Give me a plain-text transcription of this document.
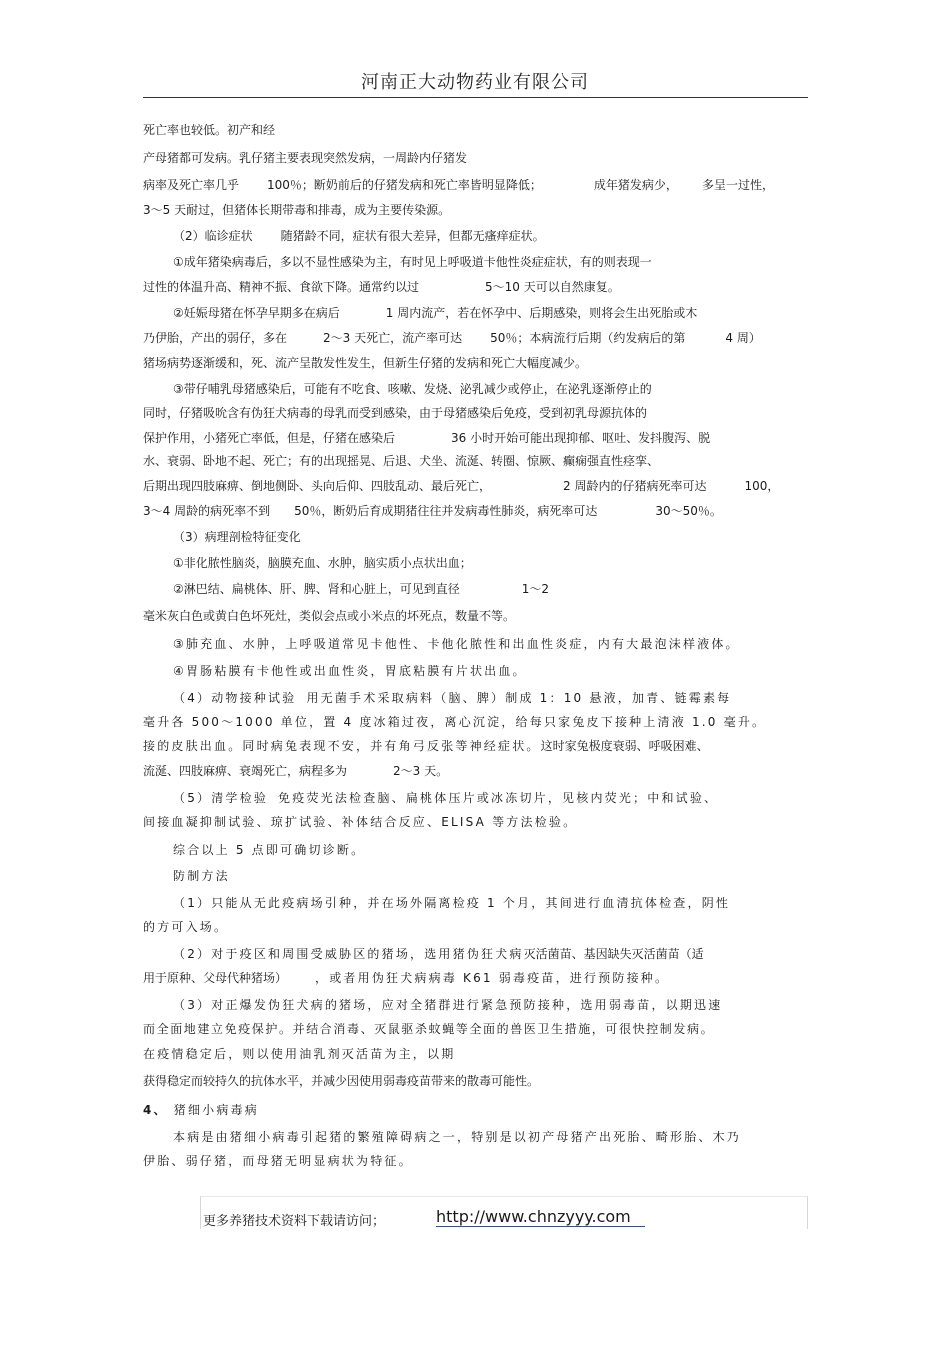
河南正大动物药业有限公司
死亡率也较低。初产和经
产母猪都可发病。乳仔猪主要表现突然发病，一周龄内仔猪发
病率及死亡率几乎 100％；断奶前后的仔猪发病和死亡率皆明显降低；	成年猪发病少， 多呈一过性，
3～5 天耐过，但猪体长期带毒和排毒，成为主要传染源。
（2）临诊症状 随猪龄不同，症状有很大差异，但都无瘙痒症状。
①成年猪染病毒后，多以不显性感染为主，有时见上呼吸道卡他性炎症症状，有的则表现一
过性的体温升高、精神不振、食欲下降。通常约以过	5～10 天可以自然康复。
②妊娠母猪在怀孕早期多在病后	1 周内流产，若在怀孕中、后期感染，则将会生出死胎或木
乃伊胎，产出的弱仔，多在	2～3 天死亡，流产率可达 50％；本病流行后期（约发病后的第	4 周）
猪场病势逐渐缓和，死、流产呈散发性发生，但新生仔猪的发病和死亡大幅度减少。
③带仔哺乳母猪感染后，可能有不吃食、咳嗽、发烧、泌乳减少或停止，在泌乳逐渐停止的
同时，仔猪吸吮含有伪狂犬病毒的母乳而受到感染，由于母猪感染后免疫，受到初乳母源抗体的
保护作用，小猪死亡率低，但是，仔猪在感染后	36 小时开始可能出现抑郁、呕吐、发抖腹泻、脱
水、衰弱、卧地不起、死亡；有的出现摇晃、后退、犬坐、流涎、转圈、惊厥、癫痫强直性痉挛、
后期出现四肢麻痹、倒地侧卧、头向后仰、四肢乱动、最后死亡，	2 周龄内的仔猪病死率可达	100，
3～4 周龄的病死率不到 50％，断奶后育成期猪往往并发病毒性肺炎，病死率可达	30～50％。
（3）病理剖检特征变化
①非化脓性脑炎，脑膜充血、水肿，脑实质小点状出血；
②淋巴结、扁桃体、肝、脾、肾和心脏上，可见到直径	1～2
毫米灰白色或黄白色坏死灶，类似会点或小米点的坏死点，数量不等。
③肺充血、水肿，上呼吸道常见卡他性、卡他化脓性和出血性炎症，内有大最泡沫样液体。
④胃肠粘膜有卡他性或出血性炎，胃底粘膜有片状出血。
（4）动物接种试验 用无菌手术采取病料（脑、脾）制成 1：10 悬液，加青、链霉素每
毫升各 500～1000 单位，置 4 度冰箱过夜，离心沉淀，给每只家兔皮下接种上清液 1.0 毫升。
接的皮肤出血。同时病兔表现不安，并有角弓反张等神经症状。这时家兔极度衰弱、呼吸困难、
流涎、四肢麻痹、衰竭死亡，病程多为	2～3 天。
（5）清学检验 免疫荧光法检查脑、扁桃体压片或冰冻切片，见核内荧光；中和试验、
间接血凝抑制试验、琼扩试验、补体结合反应、ELISA 等方法检验。
综合以上 5 点即可确切诊断。
防制方法
（1）只能从无此疫病场引种，并在场外隔离检疫 1 个月，其间进行血清抗体检查，阴性
的方可入场。
（2）对于疫区和周围受威胁区的猪场，选用猪伪狂犬病灭活菌苗、基因缺失灭活菌苗（适
用于原种、父母代种猪场） ，或者用伪狂犬病病毒 K61 弱毒疫苗，进行预防接种。
（3）对正爆发伪狂犬病的猪场，应对全猪群进行紧急预防接种，选用弱毒苗，以期迅速
而全面地建立免疫保护。并结合消毒、灭鼠驱杀蚊蝇等全面的兽医卫生措施，可很快控制发病。
在疫情稳定后，则以使用油乳剂灭活苗为主，以期
获得稳定而较持久的抗体水平，并减少因使用弱毒疫苗带来的散毒可能性。
4、 猪细小病毒病
本病是由猪细小病毒引起猪的繁殖障碍病之一，特别是以初产母猪产出死胎、畸形胎、木乃
伊胎、弱仔猪，而母猪无明显病状为特征。
更多养猪技术资料下载请访问；	http://www.chnzyyy.com
